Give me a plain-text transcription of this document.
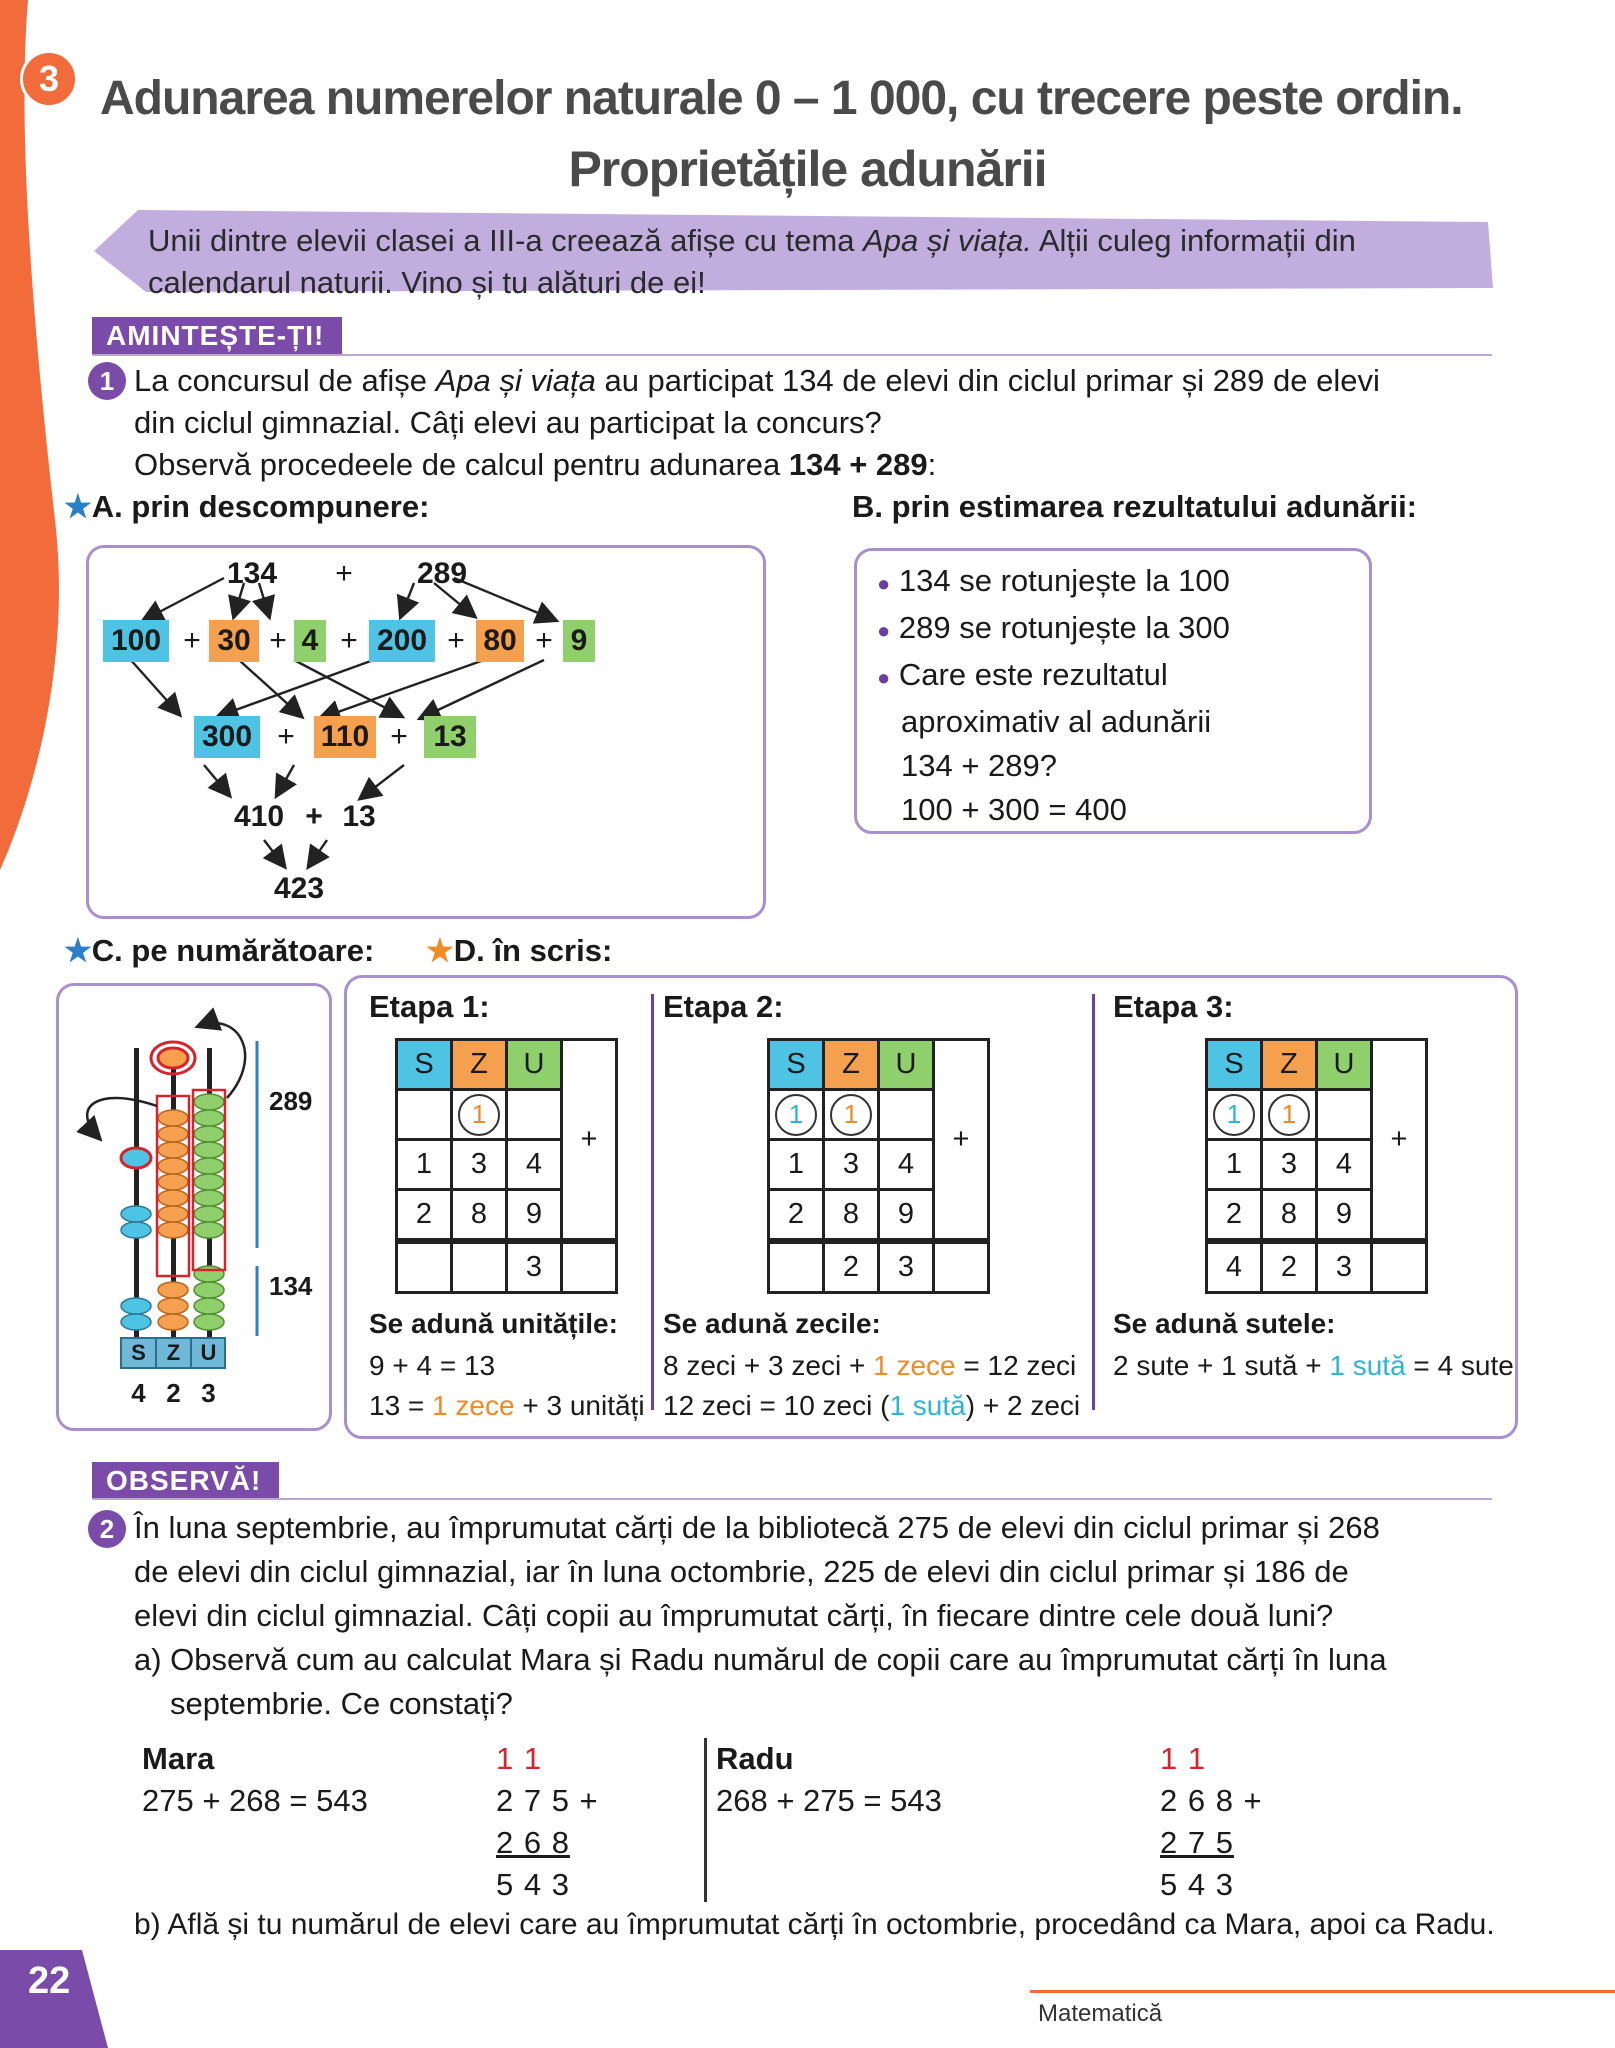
3 Adunarea numerelor naturale 0 – 1 000, cu trecere peste ordin.
Proprietățile adunării
Unii dintre elevii clasei a III-a creează afișe cu tema Apa și viața. Alții culeg informații din
calendarul naturii. Vino și tu alături de ei!
AMINTEȘTE-ȚI!
1 La concursul de afișe Apa și viața au participat 134 de elevi din ciclul primar și 289 de elevi
din ciclul gimnazial. Câți elevi au participat la concurs?
Observă procedeele de calcul pentru adunarea 134 + 289:
★A. prin descompunere:
134	+	289
100 + 30 + 4 + 200 + 80 + 9
300 + 110 + 13
410 + 13
423
B. prin estimarea rezultatului adunării:
● 134 se rotunjește la 100
● 289 se rotunjește la 300
● Care este rezultatul
aproximativ al adunării
134 + 289?
100 + 300 = 400
★C. pe numărătoare: ★D. în scris:
289
134
S Z U
4 2 3
Etapa 1:
S	Z	U	+
	1		
1	3	4	
2	8	9	
		3	
Se adună unitățile:
9 + 4 = 13
13 = 1 zece + 3 unități
Etapa 2:
S	Z	U	+
1	1		
1	3	4	
2	8	9	
	2	3	
Se adună zecile:
8 zeci + 3 zeci + 1 zece = 12 zeci
12 zeci = 10 zeci (1 sută) + 2 zeci
Etapa 3:
S	Z	U	+
1	1		
1	3	4	
2	8	9	
4	2	3	
Se adună sutele:
2 sute + 1 sută + 1 sută = 4 sute
OBSERVĂ!
2 În luna septembrie, au împrumutat cărți de la bibliotecă 275 de elevi din ciclul primar și 268
de elevi din ciclul gimnazial, iar în luna octombrie, 225 de elevi din ciclul primar și 186 de
elevi din ciclul gimnazial. Câți copii au împrumutat cărți, în fiecare dintre cele două luni?
a) Observă cum au calculat Mara și Radu numărul de copii care au împrumutat cărți în luna
septembrie. Ce constați?
Mara
275 + 268 = 543
1 1
2 7 5 +
2 6 8
5 4 3
Radu
268 + 275 = 543
1 1
2 6 8 +
2 7 5
5 4 3
b) Află și tu numărul de elevi care au împrumutat cărți în octombrie, procedând ca Mara, apoi ca Radu.
22
Matematică
